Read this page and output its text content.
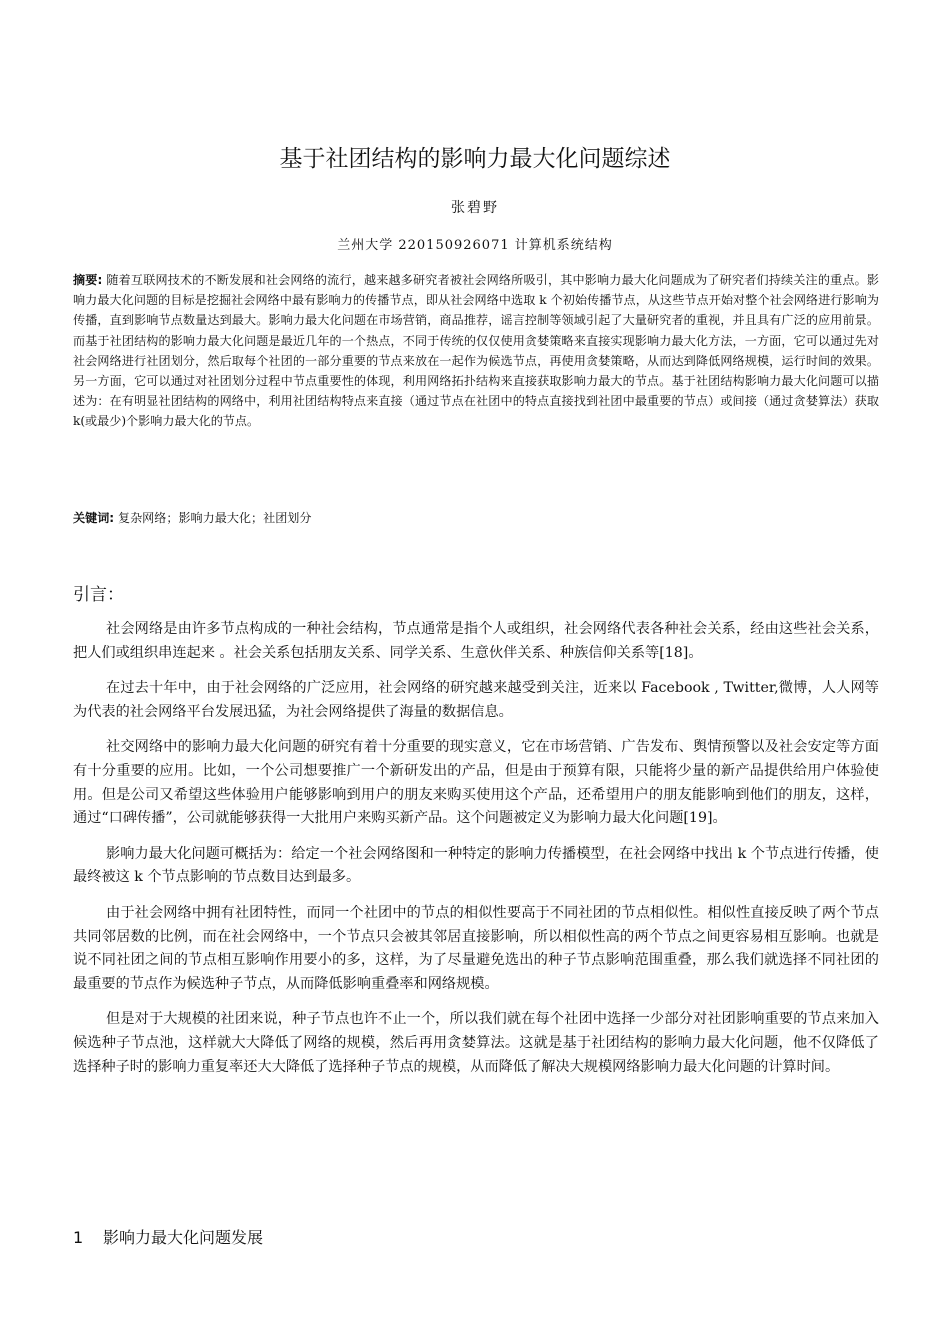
基于社团结构的影响力最大化问题综述
张碧野
兰州大学 220150926071 计算机系统结构
摘要: 随着互联网技术的不断发展和社会网络的流行，越来越多研究者被社会网络所吸引，其中影响力最大化问题成为了研究者们持续关注的重点。影响力最大化问题的目标是挖掘社会网络中最有影响力的传播节点，即从社会网络中选取 k 个初始传播节点，从这些节点开始对整个社会网络进行影响为传播，直到影响节点数量达到最大。影响力最大化问题在市场营销，商品推荐，谣言控制等领域引起了大量研究者的重视，并且具有广泛的应用前景。而基于社团结构的影响力最大化问题是最近几年的一个热点，不同于传统的仅仅使用贪婪策略来直接实现影响力最大化方法，一方面，它可以通过先对社会网络进行社团划分，然后取每个社团的一部分重要的节点来放在一起作为候选节点，再使用贪婪策略，从而达到降低网络规模，运行时间的效果。另一方面，它可以通过对社团划分过程中节点重要性的体现，利用网络拓扑结构来直接获取影响力最大的节点。基于社团结构影响力最大化问题可以描述为：在有明显社团结构的网络中，利用社团结构特点来直接（通过节点在社团中的特点直接找到社团中最重要的节点）或间接（通过贪婪算法）获取 k(或最少)个影响力最大化的节点。
关键词: 复杂网络；影响力最大化；社团划分
引言：

社会网络是由许多节点构成的一种社会结构，节点通常是指个人或组织，社会网络代表各种社会关系，经由这些社会关系，把人们或组织串连起来 。社会关系包括朋友关系、同学关系、生意伙伴关系、种族信仰关系等[18]。

在过去十年中，由于社会网络的广泛应用，社会网络的研究越来越受到关注，近来以 Facebook , Twitter,微博，人人网等为代表的社会网络平台发展迅猛，为社会网络提供了海量的数据信息。

社交网络中的影响力最大化问题的研究有着十分重要的现实意义，它在市场营销、广告发布、舆情预警以及社会安定等方面有十分重要的应用。比如，一个公司想要推广一个新研发出的产品，但是由于预算有限，只能将少量的新产品提供给用户体验使用。但是公司又希望这些体验用户能够影响到用户的朋友来购买使用这个产品，还希望用户的朋友能影响到他们的朋友，这样，通过“口碑传播”，公司就能够获得一大批用户来购买新产品。这个问题被定义为影响力最大化问题[19]。

影响力最大化问题可概括为：给定一个社会网络图和一种特定的影响力传播模型，在社会网络中找出 k 个节点进行传播，使最终被这 k 个节点影响的节点数目达到最多。

由于社会网络中拥有社团特性，而同一个社团中的节点的相似性要高于不同社团的节点相似性。相似性直接反映了两个节点共同邻居数的比例，而在社会网络中，一个节点只会被其邻居直接影响，所以相似性高的两个节点之间更容易相互影响。也就是说不同社团之间的节点相互影响作用要小的多，这样，为了尽量避免选出的种子节点影响范围重叠，那么我们就选择不同社团的最重要的节点作为候选种子节点，从而降低影响重叠率和网络规模。

但是对于大规模的社团来说，种子节点也许不止一个，所以我们就在每个社团中选择一少部分对社团影响重要的节点来加入候选种子节点池，这样就大大降低了网络的规模，然后再用贪婪算法。这就是基于社团结构的影响力最大化问题，他不仅降低了选择种子时的影响力重复率还大大降低了选择种子节点的规模，从而降低了解决大规模网络影响力最大化问题的计算时间。

1 影响力最大化问题发展
